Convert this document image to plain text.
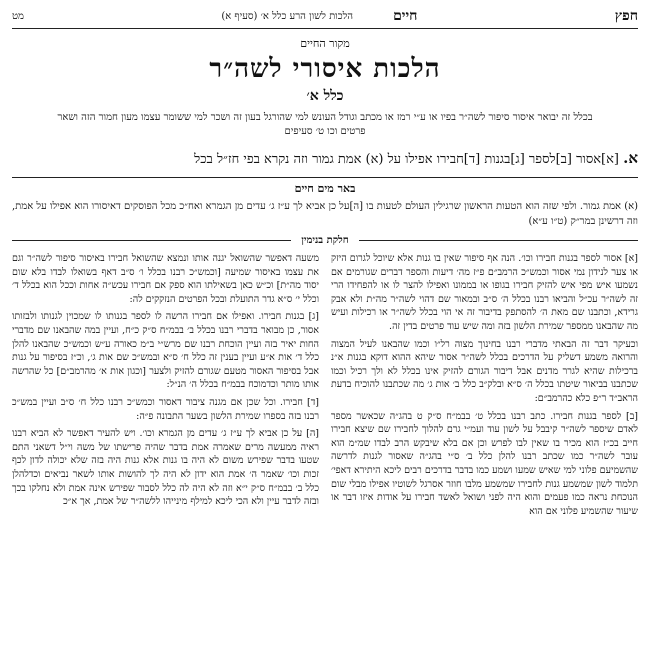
מט	חיים
הלכות לשון הרע כלל א׳ (סעיף א)	חפץ
מקור החיים
הלכות איסורי לשה״ר
כלל א׳
בכלל זה יבואר איסור סיפור לשה״ר בפיו או ע״י רמז או מכתב וגודל העונש למי שהורגל בעון זה ושכר למי ששומר עצמו מעון חמור הזה ושאר פרטים וכו ט׳ סעיפים
א. [א]אסור [ב]לספר [ג]בגנות [ד]חבירו אפילו על (א) אמת גמור וזה נקרא בפי חז״ל בכל
באר מים חיים
(א) אמת גמור. ולפי שזה הוא הטעות הראשון שרגילין העולם לטעות בו [ה]על כן אביא לך ע״ז ג׳ עדים מן הגמרא ואח״כ מכל הפוסקים דאיסורו הוא אפילו על אמת, וזה דרשינן במר״ק (ט״ו ע״א)
חלקת בנימין

[א] אסור לספר בגנות חבירו וכו׳. הנה אף סיפור שאין בו גנות אלא שיוכל לגרום היזק או צער לנידון נמי אסור וכמש״כ הרמב״ם פ״ז מה׳ דיעות והספר דברים שגורמים אם נשמעו איש מפי איש להזיק חבירו בגופו או בממונו ואפילו להצר לו או להפחידו הרי זה לשה״ר עכ״ל והביאו רבנו בכלל ה׳ ס״ב ובמאור שם דהוי לשה״ר מה״ת ולא אבק גרידא, וכתבנו שם מאת ה׳ להסתפק בדיבור זה אי הוי בכלל לשה״ר או רכילות ועיש מה שהבאנו ממספר שמירת הלשון בזה ומה שיש עוד פרטים בדין זה.

וכעיקר דבר זה הבאתי מדברי רבנו בחינוך מצוה רל״ו וכמו שהבאנו לעיל המצוה והרואה משמע דשליק על הדרכים בכלל לשה״ר אסור שיהא ההוא דוקא בגנות א״נ ברכילות שהיא לגרר מדנים אבל דיבור הגורם להזיק אינו בכלל לא ולך רכיל וכמו שכתבנו בביאור שיטתו בכלל ה׳ ס״א ובלק״ב כלל ב׳ אות ג׳ מה שכתבנו להוכיח בדעת הראב״ד ר״פ כלא כהרמב״ם:

[ב] לספר בגנות חבירו. כתב רבנו בכלל ט׳ בבמ״ח ס״ק ט בהג״ה שכאשר מספר לאדם שיספר לשה״ר קיבבל על לשון עוד ועמ״י גרם להלוך לחבירו שם שיצא חבירו חייב בכ״ז הוא מכיר בו שאין לבו לפרש וכן אם בלא שיבקש הרב לבדו שמ״מ הוא עובר לשה״ר כמו שכתב רבנו להלן כלל ב׳ ס״י בהג״ה שאסור לגנות לדרשה שהשמיעם פלוני למי שאיש שמעו ושמע כמו בדבר בדרכים רבים ליכא היתירא דאפי׳ תלמוד לשון שמשמע גנות לחבירו שמשמע מלבו חוזר אסרגל לשוטיו אפילו מבלי שום הנוכחת נראה כמו פעמים והוא היה לפני ושואל לאשד חבירו על אודות איזו דבר או שיעור שהשמיע פלוני אם הוא

משעה דאפשר שהשואל יגנה אותו ונמצא שהשואל חבירו באיסור סיפור לשה״ר וגם את עצמו באיסור שמיעה [וכמש״כ רבנו בכלל ו׳ ס״ב דאף בשואלו לבדו בלא שום יסוד מה״ת] וכ״ש כאן בשאילתו הוא ספק אם חבירו עכש״ה אחות וככל הוא בכלל ד׳ וכלל י׳ ס״א גדר התועלת ובכל הפרטים הנזקקים לה:

[ג] בגנות חבירו. ואפילו אם חבירו הרשה לו לספר בגנותו לו שמכוין לגנותו ולבזותו אסור, כן מבואר בדברי רבנו בכלל ב׳ בבמ״ח ס״ק כ״ח, ועיין במה שהבאנו שם מדברי החות יאיר בזה ועיין הוכחת רבנו שם מרש״י ב״מ כאורה ע״ש וכמש״כ שהבאנו להלן כלל ד׳ אות א״ע ועיין בענין זה כלל ח׳ ס״א ובמש״כ שם אות ג׳, וכ״ז בסיפור על גנות אבל בסיפור האסור מטעם שגורם להזיק ולצער [וכגון אות א׳ מהרמב״ם] כל שהרשה אותו מותר וכדמוכח בבמ״ח בכלל ה׳ הנ״ל:

[ד] חבירו. וכל שכן אם מגנה ציבור דאסור וכמש״כ רבנו כלל ח׳ ס״ב ועיין במש״כ רבנו בזה בספרו שמירת הלשון בשער התבונה פ״ה:

[ה] על כן אביא לך ע״ז ג׳ עדים מן הגמרא וכו׳. ויש להעיר דאפשר לא הביא רבנו ראיה ממעשה מרים שאמרה אמת בדבר שהיה פרישתו של משה וי״ל דשאני התם שטעו בדבר שפירש משום לא היה בו גנות אלא גנות היה בזה שלא יכולה לדון לכף זכות וכו׳ שאמר ה׳ אמת הוא ידון לא היה לך להושות אותו לשאר נביאים וכדלהלן כלל ב׳ בבמ״ח ס״ק י״א וזה לא היה לה כלל לסבור שפירש אינה אמת ולא נחלקו בכך ובזה לדבר עיין ולא הכי ליכא למילף מינייהו ללשה״ר של אמת, אך א״כ
